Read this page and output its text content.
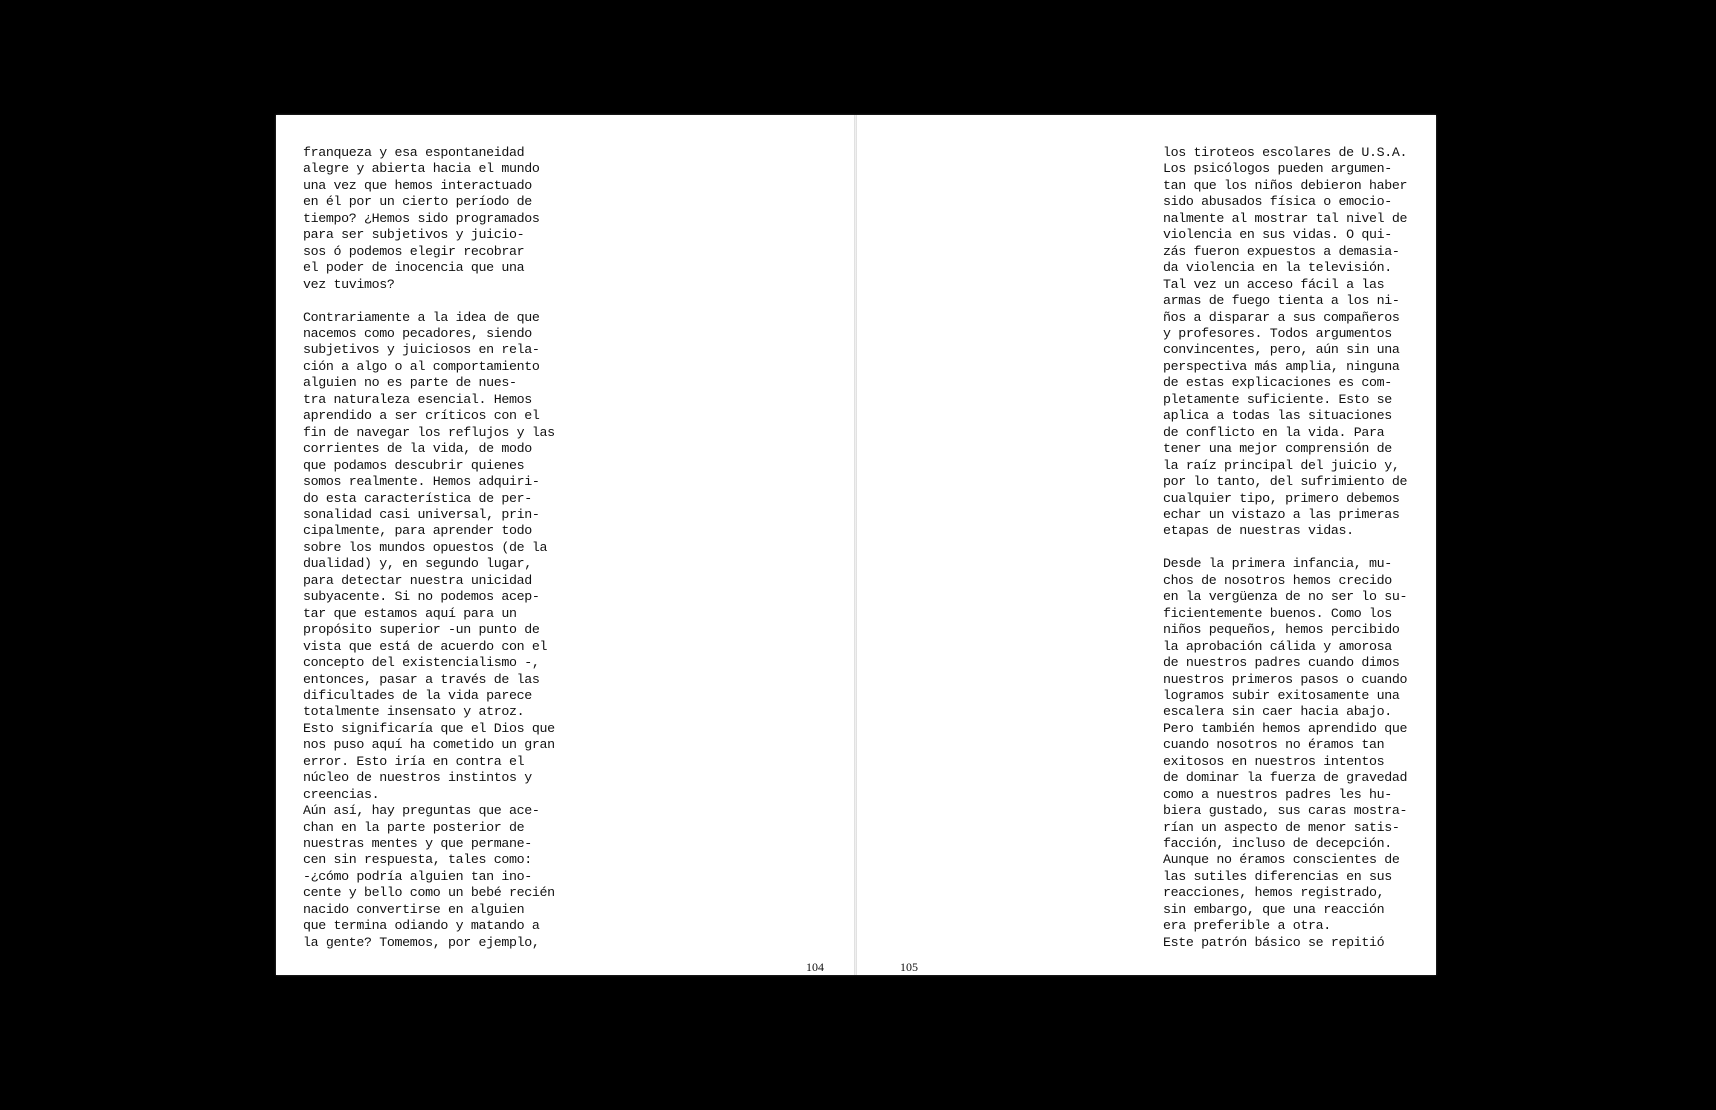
franqueza y esa espontaneidad
alegre y abierta hacia el mundo
una vez que hemos interactuado
en él por un cierto período de
tiempo? ¿Hemos sido programados
para ser subjetivos y juicio-
sos ó podemos elegir recobrar
el poder de inocencia que una
vez tuvimos?

Contrariamente a la idea de que
nacemos como pecadores, siendo
subjetivos y juiciosos en rela-
ción a algo o al comportamiento
alguien no es parte de nues-
tra naturaleza esencial. Hemos
aprendido a ser críticos con el
fin de navegar los reflujos y las
corrientes de la vida, de modo
que podamos descubrir quienes
somos realmente. Hemos adquiri-
do esta característica de per-
sonalidad casi universal, prin-
cipalmente, para aprender todo
sobre los mundos opuestos (de la
dualidad) y, en segundo lugar,
para detectar nuestra unicidad
subyacente. Si no podemos acep-
tar que estamos aquí para un
propósito superior -un punto de
vista que está de acuerdo con el
concepto del existencialismo -,
entonces, pasar a través de las
dificultades de la vida parece
totalmente insensato y atroz.
Esto significaría que el Dios que
nos puso aquí ha cometido un gran
error. Esto iría en contra el
núcleo de nuestros instintos y
creencias.
Aún así, hay preguntas que ace-
chan en la parte posterior de
nuestras mentes y que permane-
cen sin respuesta, tales como:
-¿cómo podría alguien tan ino-
cente y bello como un bebé recién
nacido convertirse en alguien
que termina odiando y matando a
la gente? Tomemos, por ejemplo,
104
los tiroteos escolares de U.S.A.
Los psicólogos pueden argumen-
tan que los niños debieron haber
sido abusados física o emocio-
nalmente al mostrar tal nivel de
violencia en sus vidas. O qui-
zás fueron expuestos a demasia-
da violencia en la televisión.
Tal vez un acceso fácil a las
armas de fuego tienta a los ni-
ños a disparar a sus compañeros
y profesores. Todos argumentos
convincentes, pero, aún sin una
perspectiva más amplia, ninguna
de estas explicaciones es com-
pletamente suficiente. Esto se
aplica a todas las situaciones
de conflicto en la vida. Para
tener una mejor comprensión de
la raíz principal del juicio y,
por lo tanto, del sufrimiento de
cualquier tipo, primero debemos
echar un vistazo a las primeras
etapas de nuestras vidas.

Desde la primera infancia, mu-
chos de nosotros hemos crecido
en la vergüenza de no ser lo su-
ficientemente buenos. Como los
niños pequeños, hemos percibido
la aprobación cálida y amorosa
de nuestros padres cuando dimos
nuestros primeros pasos o cuando
logramos subir exitosamente una
escalera sin caer hacia abajo.
Pero también hemos aprendido que
cuando nosotros no éramos tan
exitosos en nuestros intentos
de dominar la fuerza de gravedad
como a nuestros padres les hu-
biera gustado, sus caras mostra-
rían un aspecto de menor satis-
facción, incluso de decepción.
Aunque no éramos conscientes de
las sutiles diferencias en sus
reacciones, hemos registrado,
sin embargo, que una reacción
era preferible a otra.
Este patrón básico se repitió
105
